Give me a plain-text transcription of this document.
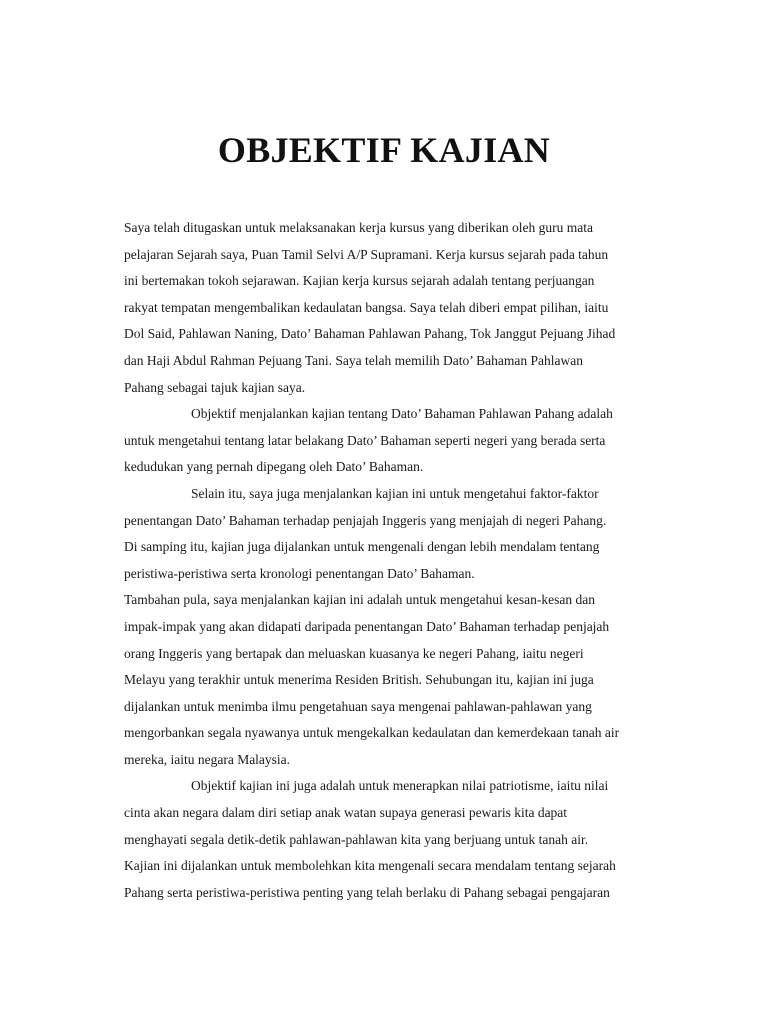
OBJEKTIF KAJIAN
Saya telah ditugaskan untuk melaksanakan kerja kursus yang diberikan oleh guru mata
pelajaran Sejarah saya, Puan Tamil Selvi A/P Supramani. Kerja kursus sejarah pada tahun
ini bertemakan tokoh sejarawan. Kajian kerja kursus sejarah adalah tentang perjuangan
rakyat tempatan mengembalikan kedaulatan bangsa. Saya telah diberi empat pilihan, iaitu
Dol Said, Pahlawan Naning, Dato’ Bahaman Pahlawan Pahang, Tok Janggut Pejuang Jihad
dan Haji Abdul Rahman Pejuang Tani. Saya telah memilih Dato’ Bahaman Pahlawan
Pahang sebagai tajuk kajian saya.
Objektif menjalankan kajian tentang Dato’ Bahaman Pahlawan Pahang adalah
untuk mengetahui tentang latar belakang Dato’ Bahaman seperti negeri yang berada serta
kedudukan yang pernah dipegang oleh Dato’ Bahaman.
Selain itu, saya juga menjalankan kajian ini untuk mengetahui faktor-faktor
penentangan Dato’ Bahaman terhadap penjajah Inggeris yang menjajah di negeri Pahang.
Di samping itu, kajian juga dijalankan untuk mengenali dengan lebih mendalam tentang
peristiwa-peristiwa serta kronologi penentangan Dato’ Bahaman.
Tambahan pula, saya menjalankan kajian ini adalah untuk mengetahui kesan-kesan dan
impak-impak yang akan didapati daripada penentangan Dato’ Bahaman terhadap penjajah
orang Inggeris yang bertapak dan meluaskan kuasanya ke negeri Pahang, iaitu negeri
Melayu yang terakhir untuk menerima Residen British. Sehubungan itu, kajian ini juga
dijalankan untuk menimba ilmu pengetahuan saya mengenai pahlawan-pahlawan yang
mengorbankan segala nyawanya untuk mengekalkan kedaulatan dan kemerdekaan tanah air
mereka, iaitu negara Malaysia.
Objektif kajian ini juga adalah untuk menerapkan nilai patriotisme, iaitu nilai
cinta akan negara dalam diri setiap anak watan supaya generasi pewaris kita dapat
menghayati segala detik-detik pahlawan-pahlawan kita yang berjuang untuk tanah air.
Kajian ini dijalankan untuk membolehkan kita mengenali secara mendalam tentang sejarah
Pahang serta peristiwa-peristiwa penting yang telah berlaku di Pahang sebagai pengajaran
